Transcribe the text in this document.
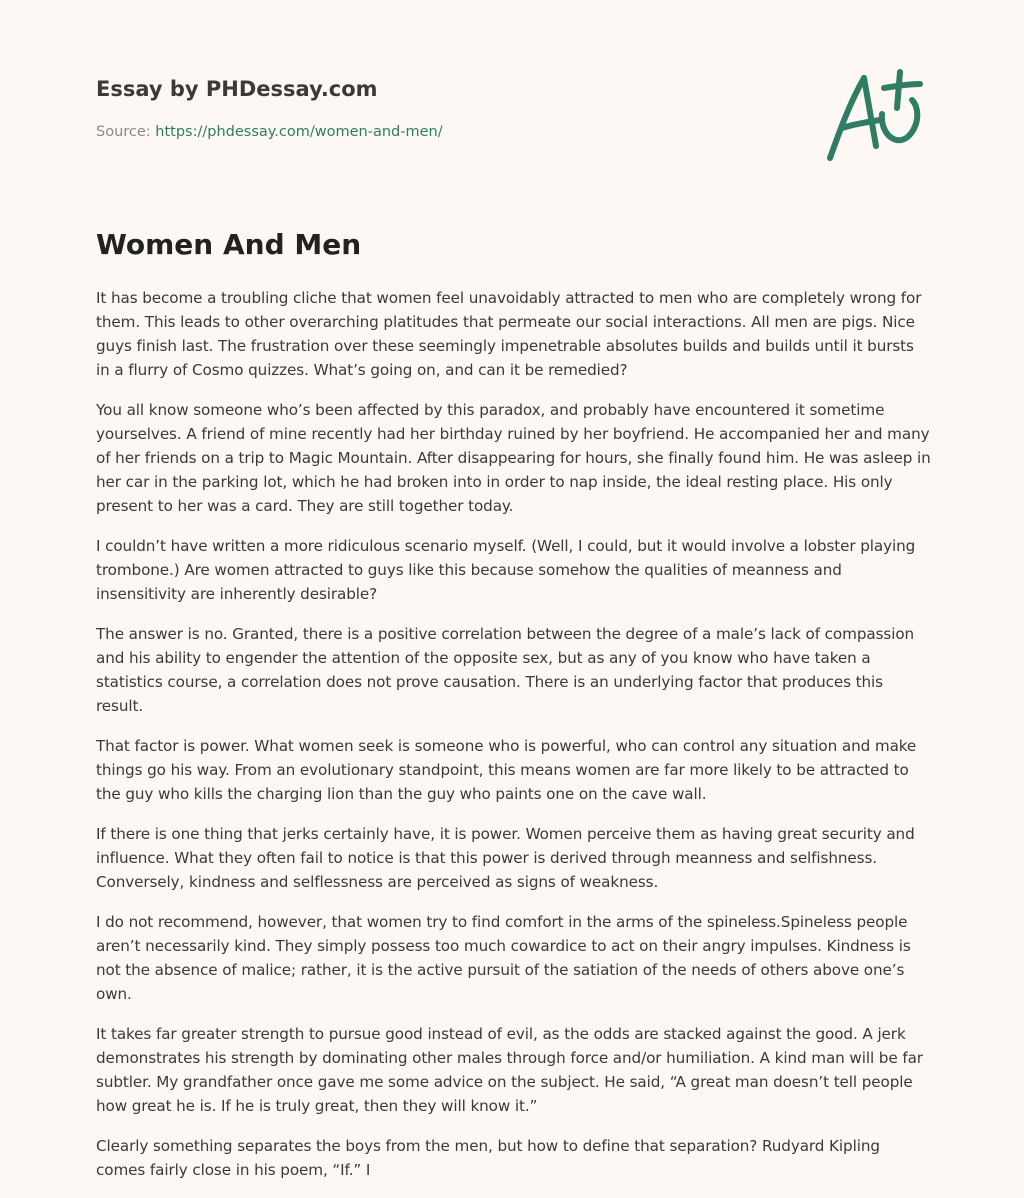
Essay by PHDessay.com
Source: https://phdessay.com/women-and-men/
Women And Men

It has become a troubling cliche that women feel unavoidably attracted to men who are completely wrong for them. This leads to other overarching platitudes that permeate our social interactions. All men are pigs. Nice guys finish last. The frustration over these seemingly impenetrable absolutes builds and builds until it bursts in a flurry of Cosmo quizzes. What’s going on, and can it be remedied?

You all know someone who’s been affected by this paradox, and probably have encountered it sometime yourselves. A friend of mine recently had her birthday ruined by her boyfriend. He accompanied her and many of her friends on a trip to Magic Mountain. After disappearing for hours, she finally found him. He was asleep in her car in the parking lot, which he had broken into in order to nap inside, the ideal resting place. His only present to her was a card. They are still together today.

I couldn’t have written a more ridiculous scenario myself. (Well, I could, but it would involve a lobster playing trombone.) Are women attracted to guys like this because somehow the qualities of meanness and insensitivity are inherently desirable?

The answer is no. Granted, there is a positive correlation between the degree of a male’s lack of compassion and his ability to engender the attention of the opposite sex, but as any of you know who have taken a statistics course, a correlation does not prove causation. There is an underlying factor that produces this result.

That factor is power. What women seek is someone who is powerful, who can control any situation and make things go his way. From an evolutionary standpoint, this means women are far more likely to be attracted to the guy who kills the charging lion than the guy who paints one on the cave wall.

If there is one thing that jerks certainly have, it is power. Women perceive them as having great security and influence. What they often fail to notice is that this power is derived through meanness and selfishness. Conversely, kindness and selflessness are perceived as signs of weakness.

I do not recommend, however, that women try to find comfort in the arms of the spineless.Spineless people aren’t necessarily kind. They simply possess too much cowardice to act on their angry impulses. Kindness is not the absence of malice; rather, it is the active pursuit of the satiation of the needs of others above one’s own.

It takes far greater strength to pursue good instead of evil, as the odds are stacked against the good. A jerk demonstrates his strength by dominating other males through force and/or humiliation. A kind man will be far subtler. My grandfather once gave me some advice on the subject. He said, “A great man doesn’t tell people how great he is. If he is truly great, then they will know it.”

Clearly something separates the boys from the men, but how to define that separation? Rudyard Kipling comes fairly close in his poem, “If.” I
